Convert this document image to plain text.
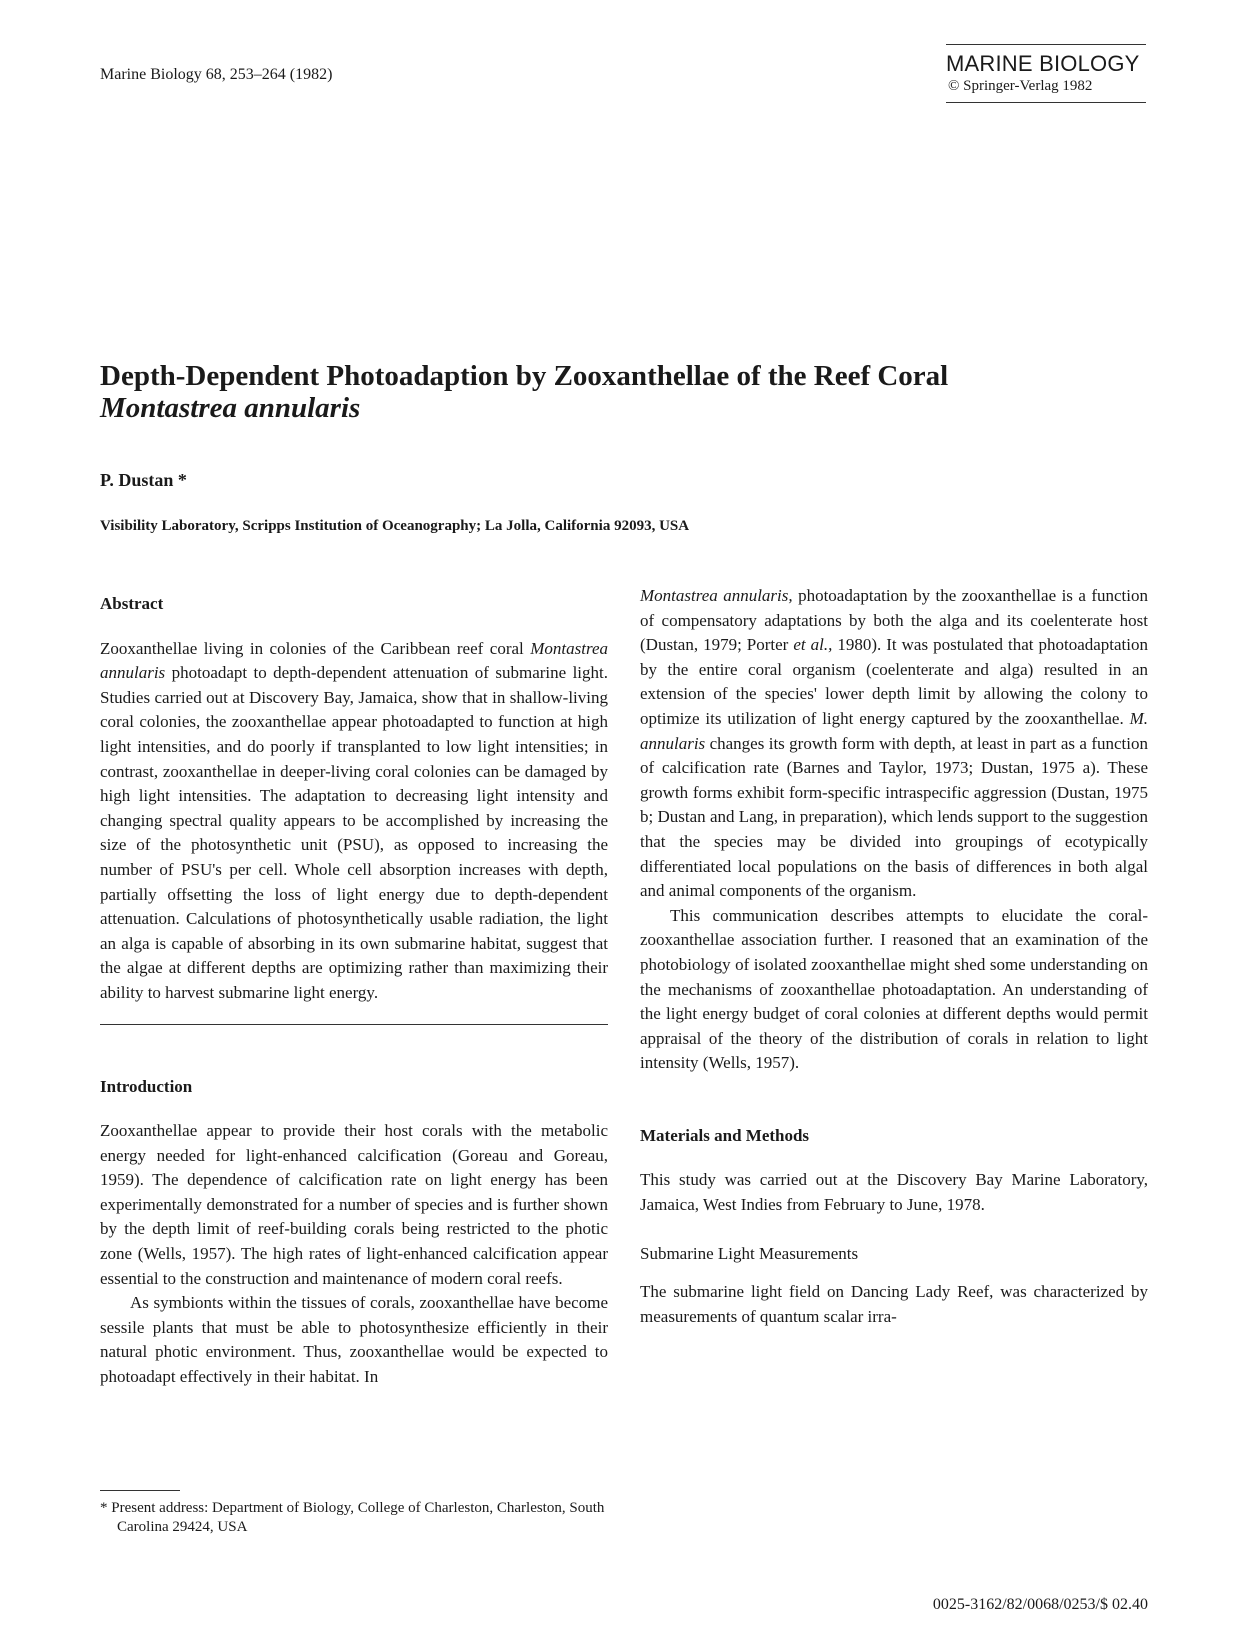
Marine Biology 68, 253–264 (1982)	MARINE BIOLOGY
© Springer-Verlag 1982
Depth-Dependent Photoadaption by Zooxanthellae of the Reef Coral
Montastrea annularis
P. Dustan *
Visibility Laboratory, Scripps Institution of Oceanography; La Jolla, California 92093, USA
Abstract

Zooxanthellae living in colonies of the Caribbean reef coral Montastrea annularis photoadapt to depth-dependent attenuation of submarine light. Studies carried out at Discovery Bay, Jamaica, show that in shallow-living coral colonies, the zooxanthellae appear photoadapted to function at high light intensities, and do poorly if transplanted to low light intensities; in contrast, zooxanthellae in deeper-living coral colonies can be damaged by high light intensities. The adaptation to decreasing light intensity and changing spectral quality appears to be accomplished by increasing the size of the photosynthetic unit (PSU), as opposed to increasing the number of PSU's per cell. Whole cell absorption increases with depth, partially offsetting the loss of light energy due to depth-dependent attenuation. Calculations of photosynthetically usable radiation, the light an alga is capable of absorbing in its own submarine habitat, suggest that the algae at different depths are optimizing rather than maximizing their ability to harvest submarine light energy.

Introduction

Zooxanthellae appear to provide their host corals with the metabolic energy needed for light-enhanced calcification (Goreau and Goreau, 1959). The dependence of calcification rate on light energy has been experimentally demonstrated for a number of species and is further shown by the depth limit of reef-building corals being restricted to the photic zone (Wells, 1957). The high rates of light-enhanced calcification appear essential to the construction and maintenance of modern coral reefs.

As symbionts within the tissues of corals, zooxanthellae have become sessile plants that must be able to photosynthesize efficiently in their natural photic environment. Thus, zooxanthellae would be expected to photoadapt effectively in their habitat. In

Montastrea annularis, photoadaptation by the zooxanthellae is a function of compensatory adaptations by both the alga and its coelenterate host (Dustan, 1979; Porter et al., 1980). It was postulated that photoadaptation by the entire coral organism (coelenterate and alga) resulted in an extension of the species' lower depth limit by allowing the colony to optimize its utilization of light energy captured by the zooxanthellae. M. annularis changes its growth form with depth, at least in part as a function of calcification rate (Barnes and Taylor, 1973; Dustan, 1975 a). These growth forms exhibit form-specific intraspecific aggression (Dustan, 1975 b; Dustan and Lang, in preparation), which lends support to the suggestion that the species may be divided into groupings of ecotypically differentiated local populations on the basis of differences in both algal and animal components of the organism.

This communication describes attempts to elucidate the coral-zooxanthellae association further. I reasoned that an examination of the photobiology of isolated zooxanthellae might shed some understanding on the mechanisms of zooxanthellae photoadaptation. An understanding of the light energy budget of coral colonies at different depths would permit appraisal of the theory of the distribution of corals in relation to light intensity (Wells, 1957).

Materials and Methods

This study was carried out at the Discovery Bay Marine Laboratory, Jamaica, West Indies from February to June, 1978.

Submarine Light Measurements

The submarine light field on Dancing Lady Reef, was characterized by measurements of quantum scalar irra-

* Present address: Department of Biology, College of Charleston, Charleston, South Carolina 29424, USA
0025-3162/82/0068/0253/$ 02.40
